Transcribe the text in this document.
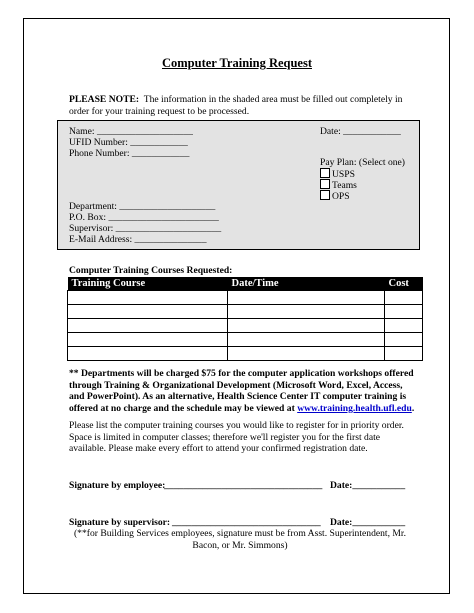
Computer Training Request
PLEASE NOTE: The information in the shaded area must be filled out completely in order for your training request to be processed.
Name: ____________________	Date: ____________
UFID Number: ____________
Phone Number: ____________
Pay Plan: (Select one)
USPS
Teams
OPS
Department: ____________________
P.O. Box: _______________________
Supervisor: ______________________
E-Mail Address: _______________
Computer Training Courses Requested:
Training Course	Date/Time	Cost

** Departments will be charged $75 for the computer application workshops offered through Training & Organizational Development (Microsoft Word, Excel, Access, and PowerPoint). As an alternative, Health Science Center IT computer training is offered at no charge and the schedule may be viewed at www.training.health.ufl.edu.
Please list the computer training courses you would like to register for in priority order. Space is limited in computer classes; therefore we'll register you for the first date available. Please make every effort to attend your confirmed registration date.
Signature by employee:
_________________________________ Date:___________
Signature by supervisor: _______________________________ Date:___________
(**for Building Services employees, signature must be from Asst. Superintendent, Mr. Bacon, or Mr. Simmons)
